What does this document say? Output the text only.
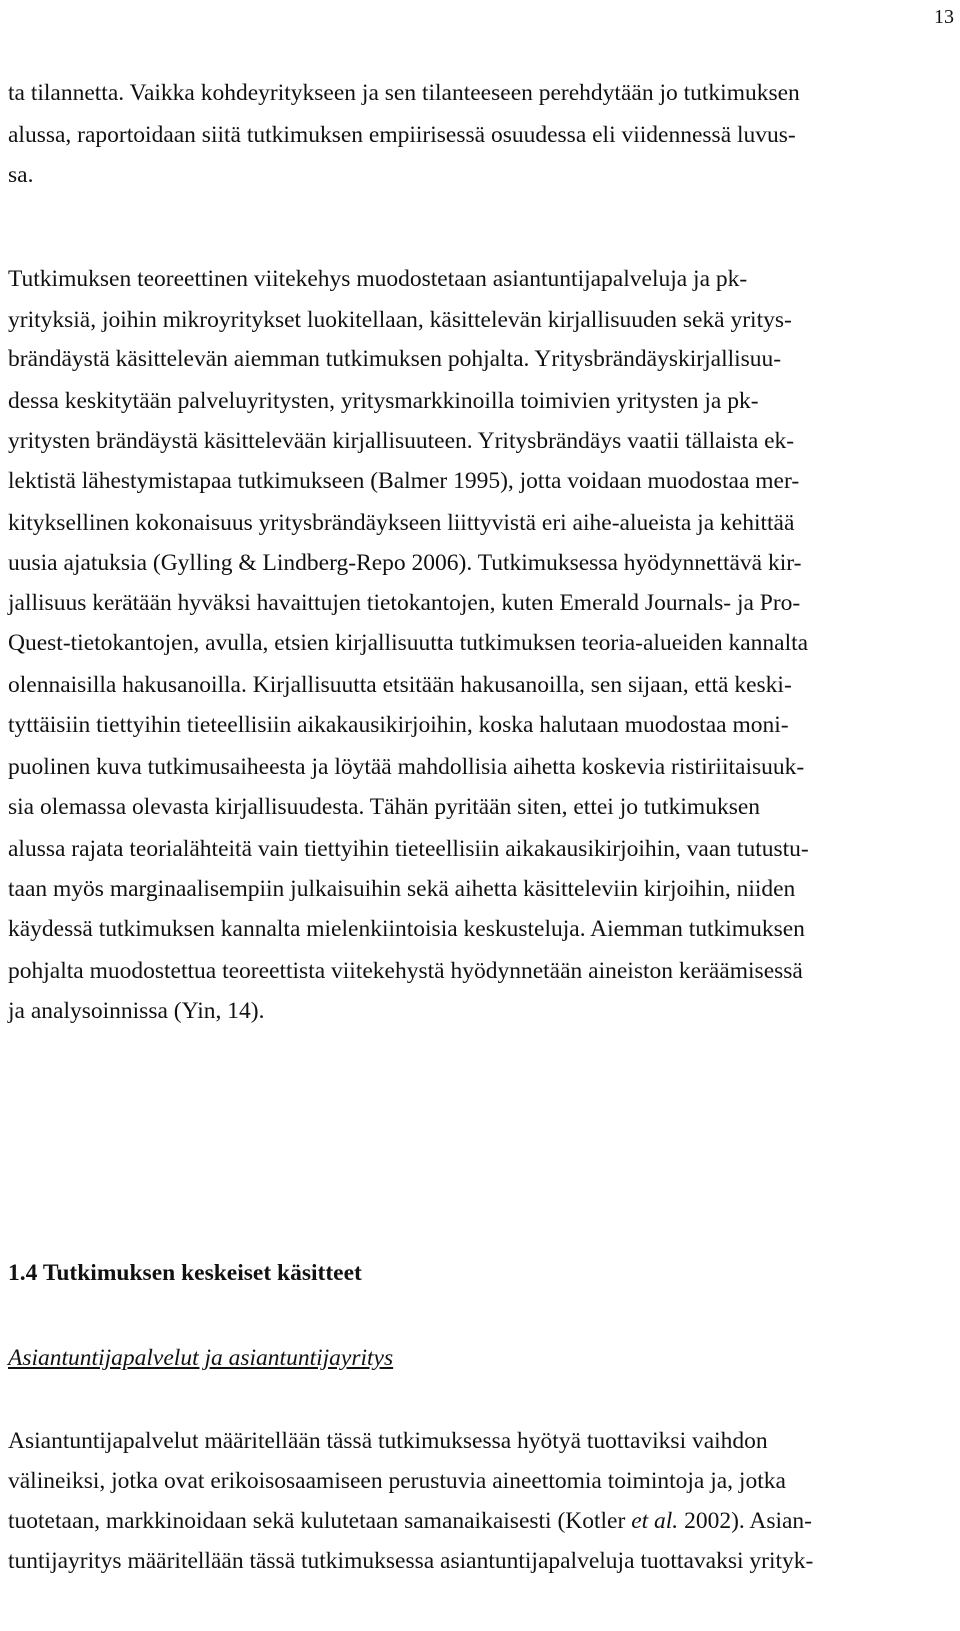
13
ta tilannetta. Vaikka kohdeyritykseen ja sen tilanteeseen perehdytään jo tutkimuksen
alussa, raportoidaan siitä tutkimuksen empiirisessä osuudessa eli viidennessä luvus-
sa.
Tutkimuksen teoreettinen viitekehys muodostetaan asiantuntijapalveluja ja pk-
yrityksiä, joihin mikroyritykset luokitellaan, käsittelevän kirjallisuuden sekä yritys-
brändäystä käsittelevän aiemman tutkimuksen pohjalta. Yritysbrändäyskirjallisuu-
dessa keskitytään palveluyritysten, yritysmarkkinoilla toimivien yritysten ja pk-
yritysten brändäystä käsittelevään kirjallisuuteen. Yritysbrändäys vaatii tällaista ek-
lektistä lähestymistapaa tutkimukseen (Balmer 1995), jotta voidaan muodostaa mer-
kityksellinen kokonaisuus yritysbrändäykseen liittyvistä eri aihe-alueista ja kehittää
uusia ajatuksia (Gylling & Lindberg-Repo 2006). Tutkimuksessa hyödynnettävä kir-
jallisuus kerätään hyväksi havaittujen tietokantojen, kuten Emerald Journals- ja Pro-
Quest-tietokantojen, avulla, etsien kirjallisuutta tutkimuksen teoria-alueiden kannalta
olennaisilla hakusanoilla. Kirjallisuutta etsitään hakusanoilla, sen sijaan, että keski-
tyttäisiin tiettyihin tieteellisiin aikakausikirjoihin, koska halutaan muodostaa moni-
puolinen kuva tutkimusaiheesta ja löytää mahdollisia aihetta koskevia ristiriitaisuuk-
sia olemassa olevasta kirjallisuudesta. Tähän pyritään siten, ettei jo tutkimuksen
alussa rajata teorialähteitä vain tiettyihin tieteellisiin aikakausikirjoihin, vaan tutustu-
taan myös marginaalisempiin julkaisuihin sekä aihetta käsitteleviin kirjoihin, niiden
käydessä tutkimuksen kannalta mielenkiintoisia keskusteluja. Aiemman tutkimuksen
pohjalta muodostettua teoreettista viitekehystä hyödynnetään aineiston keräämisessä
ja analysoinnissa (Yin, 14).
1.4 Tutkimuksen keskeiset käsitteet
Asiantuntijapalvelut ja asiantuntijayritys
Asiantuntijapalvelut määritellään tässä tutkimuksessa hyötyä tuottaviksi vaihdon
välineiksi, jotka ovat erikoisosaamiseen perustuvia aineettomia toimintoja ja, jotka
tuotetaan, markkinoidaan sekä kulutetaan samanaikaisesti (Kotler et al. 2002). Asian-
tuntijayritys määritellään tässä tutkimuksessa asiantuntijapalveluja tuottavaksi yrityk-
